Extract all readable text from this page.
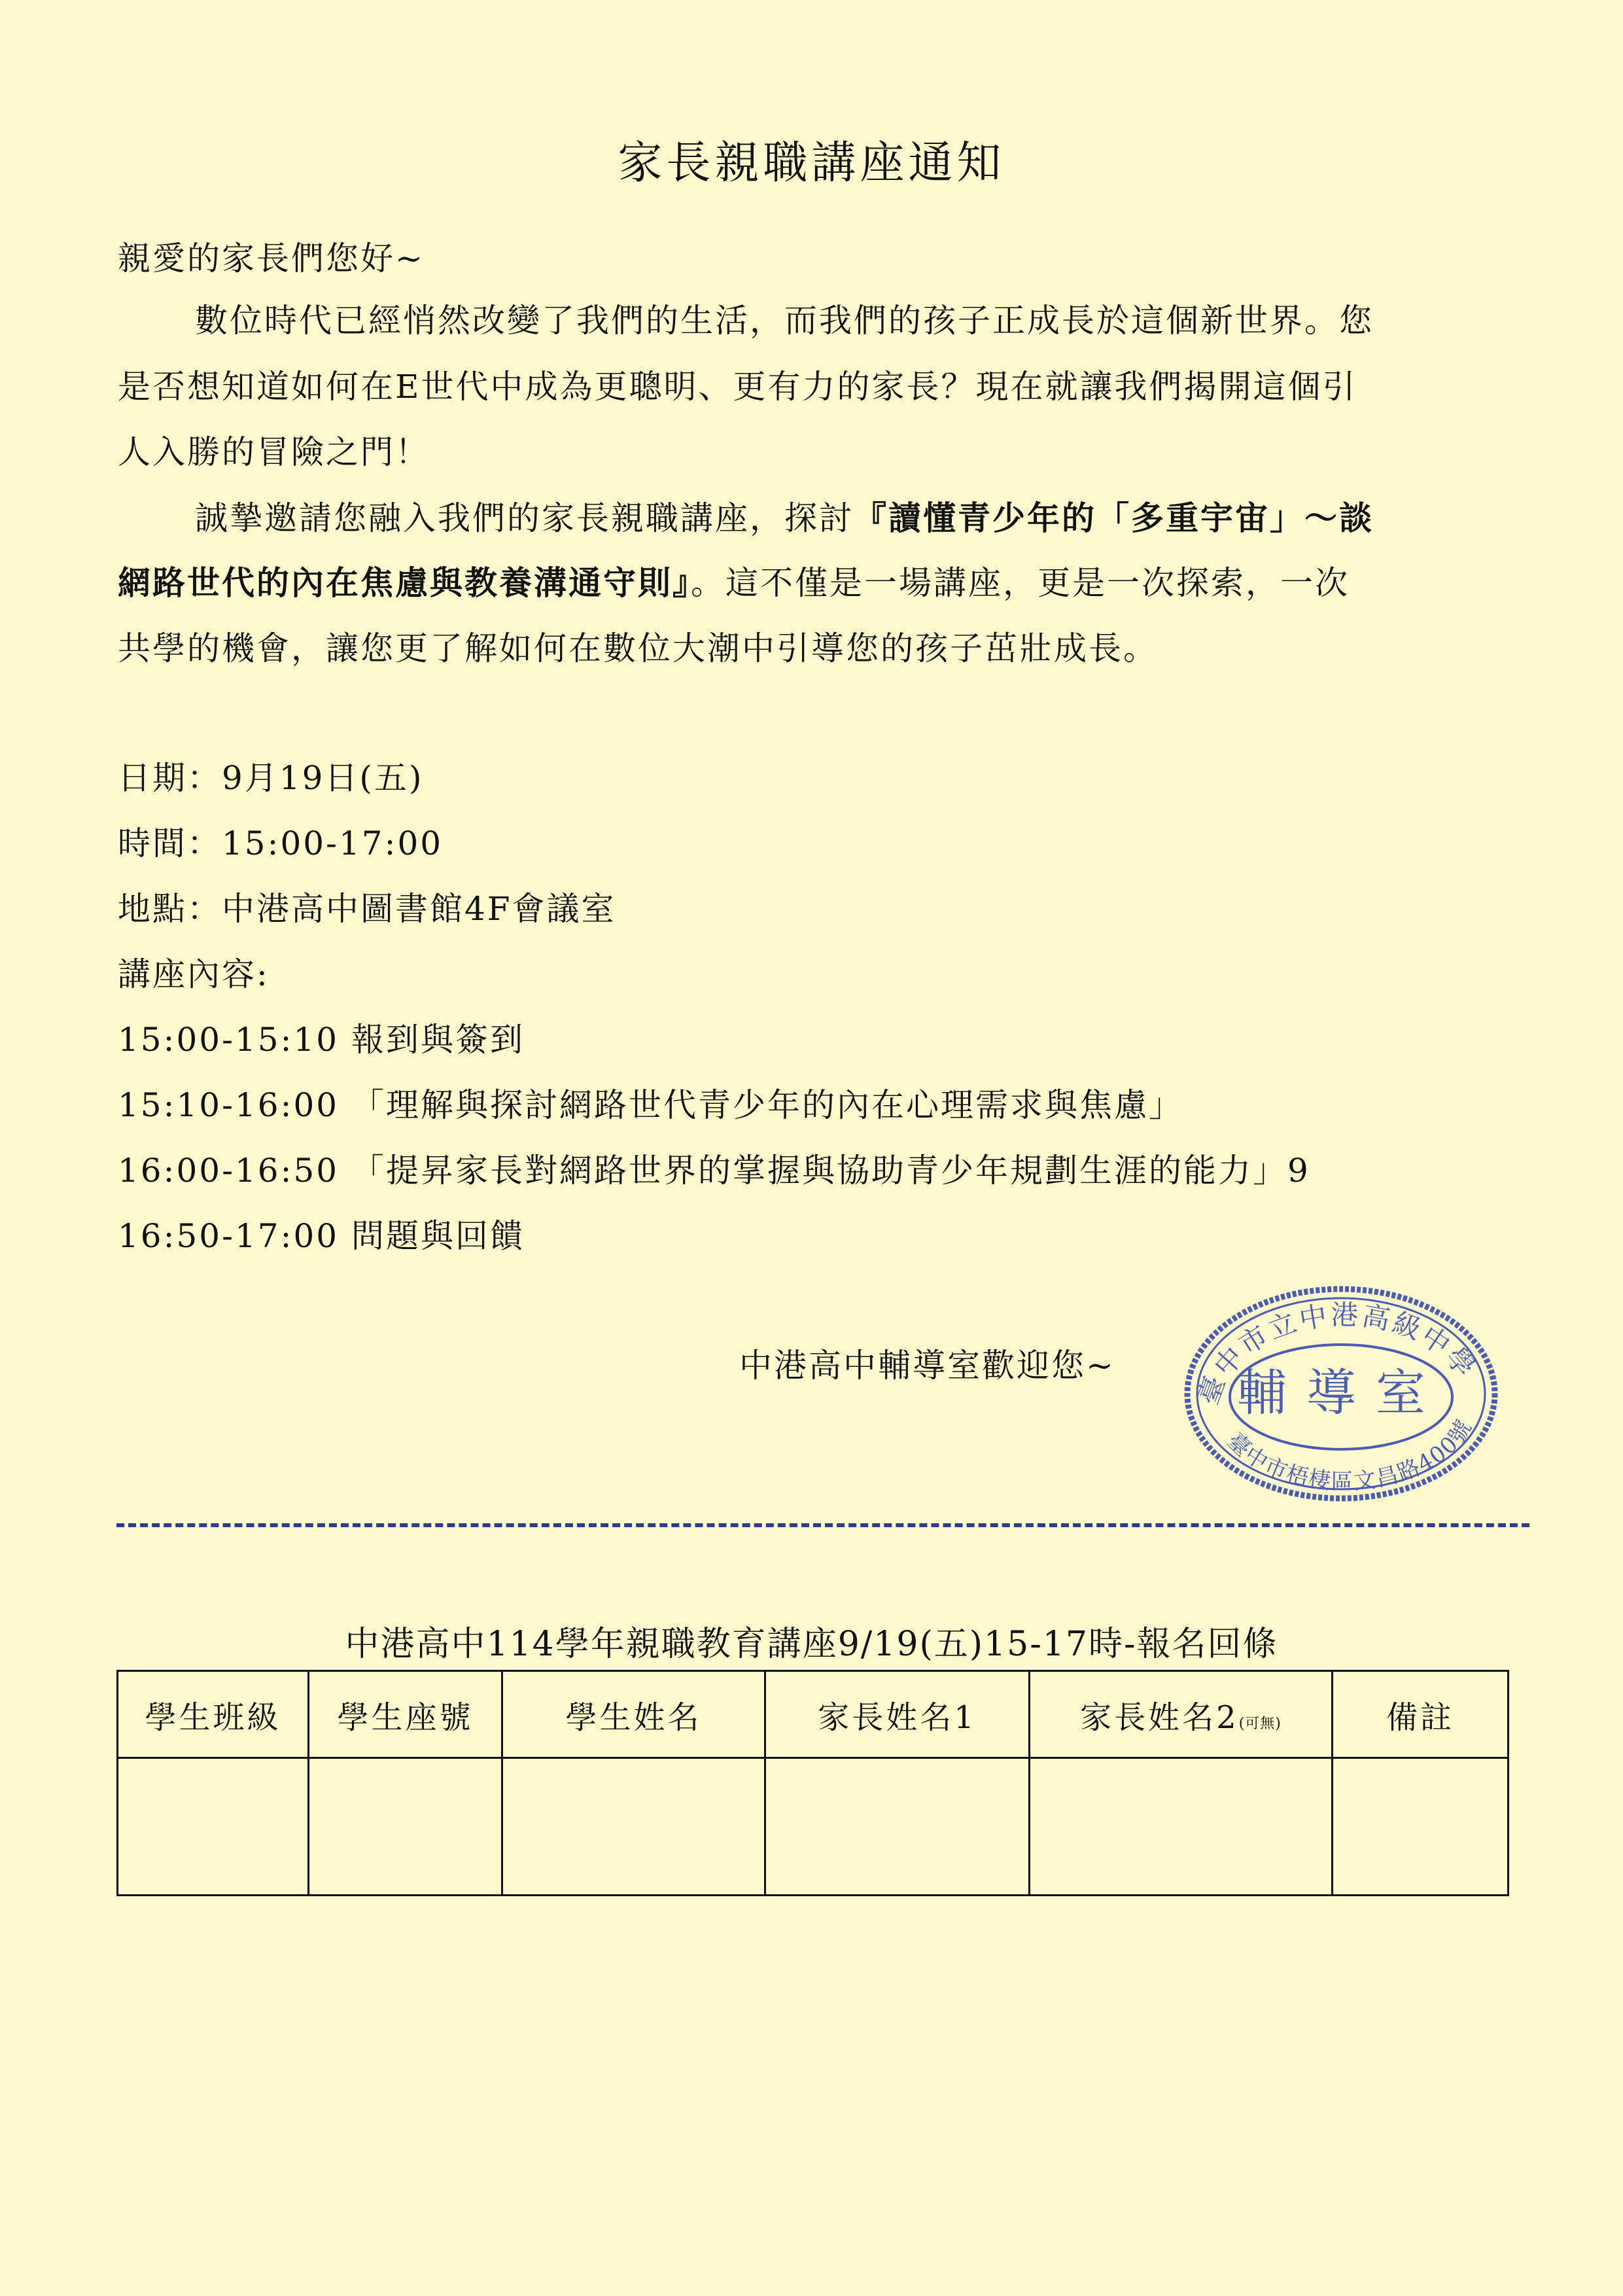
家長親職講座通知
親愛的家長們您好~
數位時代已經悄然改變了我們的生活，而我們的孩子正成長於這個新世界。您
是否想知道如何在E世代中成為更聰明、更有力的家長？現在就讓我們揭開這個引
人入勝的冒險之門！
誠摯邀請您融入我們的家長親職講座，探討『讀懂青少年的「多重宇宙」～談
網路世代的內在焦慮與教養溝通守則』。這不僅是一場講座，更是一次探索，一次
共學的機會，讓您更了解如何在數位大潮中引導您的孩子茁壯成長。
日期：9月19日(五)
時間：15:00-17:00
地點：中港高中圖書館4F會議室
講座內容:
15:00-15:10 報到與簽到
15:10-16:00 「理解與探討網路世代青少年的內在心理需求與焦慮」
16:00-16:50 「提昇家長對網路世界的掌握與協助青少年規劃生涯的能力」9
16:50-17:00 問題與回饋
中港高中輔導室歡迎您~
臺中市立中港高級中學
輔導室
臺中市梧棲區文昌路400號
中港高中114學年親職教育講座9/19(五)15-17時-報名回條
學生班級	學生座號	學生姓名	家長姓名1	家長姓名2(可無)	備註
